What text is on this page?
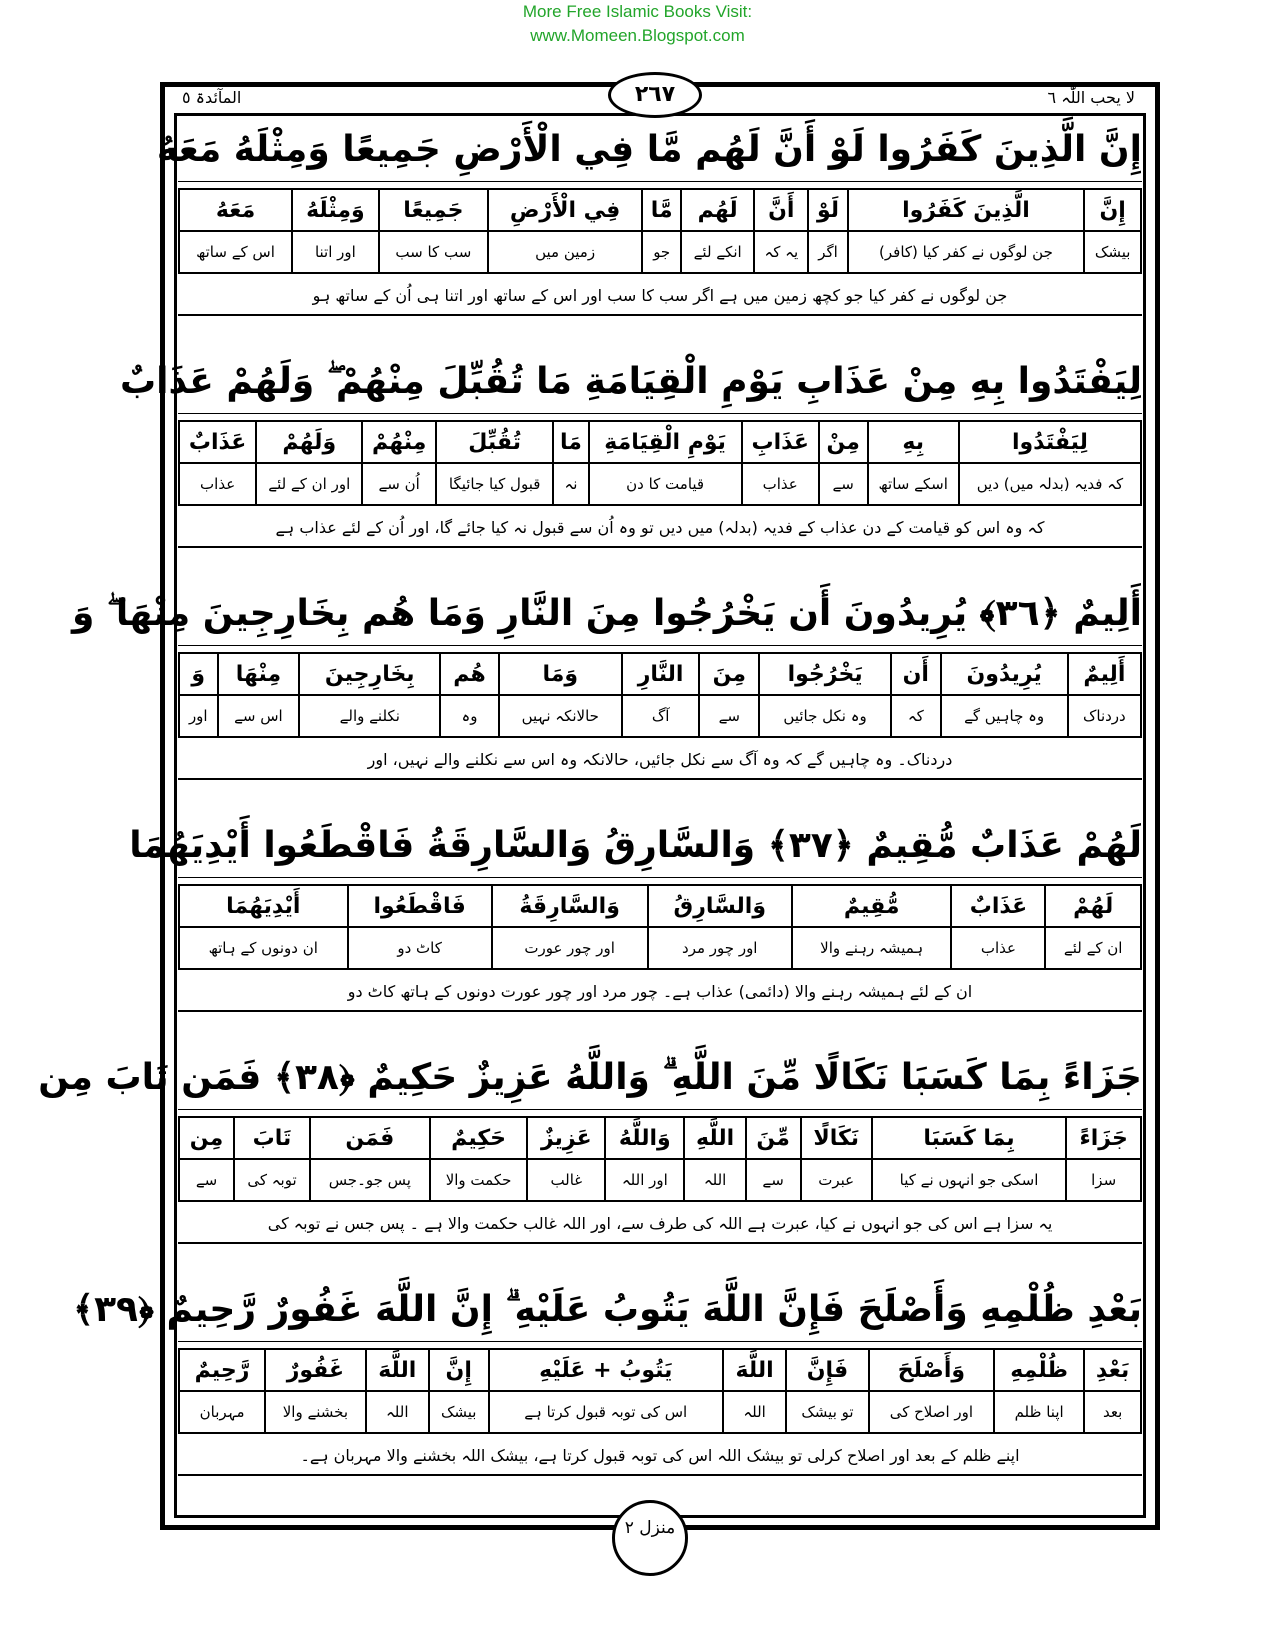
More Free Islamic Books Visit:
www.Momeen.Blogspot.com
المآئدۃ ٥	لا یحب اللّٰہ ٦
٢٦٧
إِنَّ الَّذِينَ كَفَرُوا لَوْ أَنَّ لَهُم مَّا فِي الْأَرْضِ جَمِيعًا وَمِثْلَهُ مَعَهُ
إِنَّ	الَّذِينَ كَفَرُوا	لَوْ	أَنَّ	لَهُم	مَّا	فِي الْأَرْضِ	جَمِيعًا	وَمِثْلَهُ	مَعَهُ
بیشک	جن لوگوں نے کفر کیا (کافر)	اگر	یہ کہ	انکے لئے	جو	زمین میں	سب کا سب	اور اتنا	اس کے ساتھ
جن لوگوں نے کفر کیا جو کچھ زمین میں ہے اگر سب کا سب اور اس کے ساتھ اور اتنا ہی اُن کے ساتھ ہو
لِيَفْتَدُوا بِهِ مِنْ عَذَابِ يَوْمِ الْقِيَامَةِ مَا تُقُبِّلَ مِنْهُمْ ۖ وَلَهُمْ عَذَابٌ
لِيَفْتَدُوا	بِهِ	مِنْ	عَذَابِ	يَوْمِ الْقِيَامَةِ	مَا	تُقُبِّلَ	مِنْهُمْ	وَلَهُمْ	عَذَابٌ
کہ فدیہ (بدلہ میں) دیں	اسکے ساتھ	سے	عذاب	قیامت کا دن	نہ	قبول کیا جائیگا	اُن سے	اور ان کے لئے	عذاب
کہ وہ اس کو قیامت کے دن عذاب کے فدیہ (بدلہ) میں دیں تو وہ اُن سے قبول نہ کیا جائے گا، اور اُن کے لئے عذاب ہے
أَلِيمٌ ﴿٣٦﴾ يُرِيدُونَ أَن يَخْرُجُوا مِنَ النَّارِ وَمَا هُم بِخَارِجِينَ مِنْهَا ۖ وَ
أَلِيمٌ	يُرِيدُونَ	أَن	يَخْرُجُوا	مِنَ	النَّارِ	وَمَا	هُم	بِخَارِجِينَ	مِنْهَا	وَ
دردناک	وہ چاہیں گے	کہ	وہ نکل جائیں	سے	آگ	حالانکہ نہیں	وہ	نکلنے والے	اس سے	اور
دردناک۔ وہ چاہیں گے کہ وہ آگ سے نکل جائیں، حالانکہ وہ اس سے نکلنے والے نہیں، اور
لَهُمْ عَذَابٌ مُّقِيمٌ ﴿٣٧﴾ وَالسَّارِقُ وَالسَّارِقَةُ فَاقْطَعُوا أَيْدِيَهُمَا
لَهُمْ	عَذَابٌ	مُّقِيمٌ	وَالسَّارِقُ	وَالسَّارِقَةُ	فَاقْطَعُوا	أَيْدِيَهُمَا
ان کے لئے	عذاب	ہمیشہ رہنے والا	اور چور مرد	اور چور عورت	کاٹ دو	ان دونوں کے ہاتھ
ان کے لئے ہمیشہ رہنے والا (دائمی) عذاب ہے۔ چور مرد اور چور عورت دونوں کے ہاتھ کاٹ دو
جَزَاءً بِمَا كَسَبَا نَكَالًا مِّنَ اللَّهِ ۗ وَاللَّهُ عَزِيزٌ حَكِيمٌ ﴿٣٨﴾ فَمَن تَابَ مِن
جَزَاءً	بِمَا كَسَبَا	نَكَالًا	مِّنَ	اللَّهِ	وَاللَّهُ	عَزِيزٌ	حَكِيمٌ	فَمَن	تَابَ	مِن
سزا	اسکی جو انہوں نے کیا	عبرت	سے	اللہ	اور اللہ	غالب	حکمت والا	پس جو۔جس	توبہ کی	سے
یہ سزا ہے اس کی جو انہوں نے کیا، عبرت ہے اللہ کی طرف سے، اور اللہ غالب حکمت والا ہے ۔ پس جس نے توبہ کی
بَعْدِ ظُلْمِهِ وَأَصْلَحَ فَإِنَّ اللَّهَ يَتُوبُ عَلَيْهِ ۗ إِنَّ اللَّهَ غَفُورٌ رَّحِيمٌ ﴿٣٩﴾
بَعْدِ	ظُلْمِهِ	وَأَصْلَحَ	فَإِنَّ	اللَّهَ	يَتُوبُ + عَلَيْهِ	إِنَّ	اللَّهَ	غَفُورٌ	رَّحِيمٌ
بعد	اپنا ظلم	اور اصلاح کی	تو بیشک	اللہ	اس کی توبہ قبول کرتا ہے	بیشک	اللہ	بخشنے والا	مہربان
اپنے ظلم کے بعد اور اصلاح کرلی تو بیشک اللہ اس کی توبہ قبول کرتا ہے، بیشک اللہ بخشنے والا مہربان ہے۔
منزل ٢
